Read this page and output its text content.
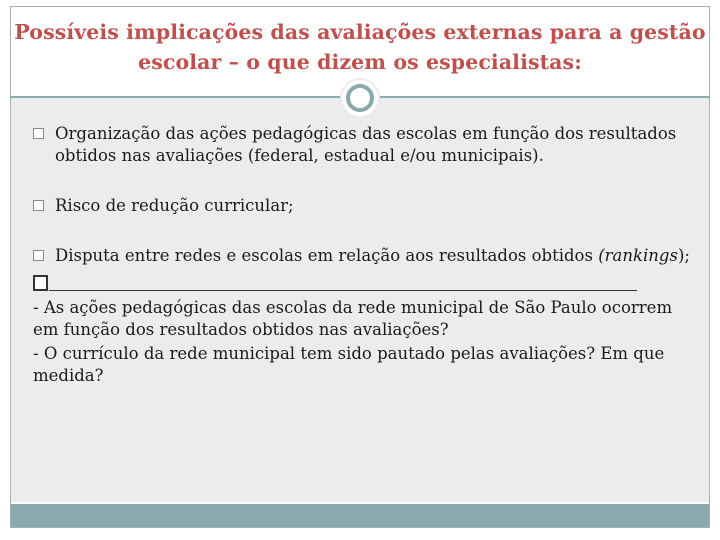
Possíveis implicações das avaliações externas para a gestão escolar – o que dizem os especialistas:
Organização das ações pedagógicas das escolas em função dos resultados obtidos nas avaliações (federal, estadual e/ou municipais).
Risco de redução curricular;
Disputa entre redes e escolas em relação aos resultados obtidos (rankings);

- As ações pedagógicas das escolas da rede municipal de São Paulo ocorrem em função dos resultados obtidos nas avaliações?

- O currículo da rede municipal tem sido pautado pelas avaliações? Em que medida?
